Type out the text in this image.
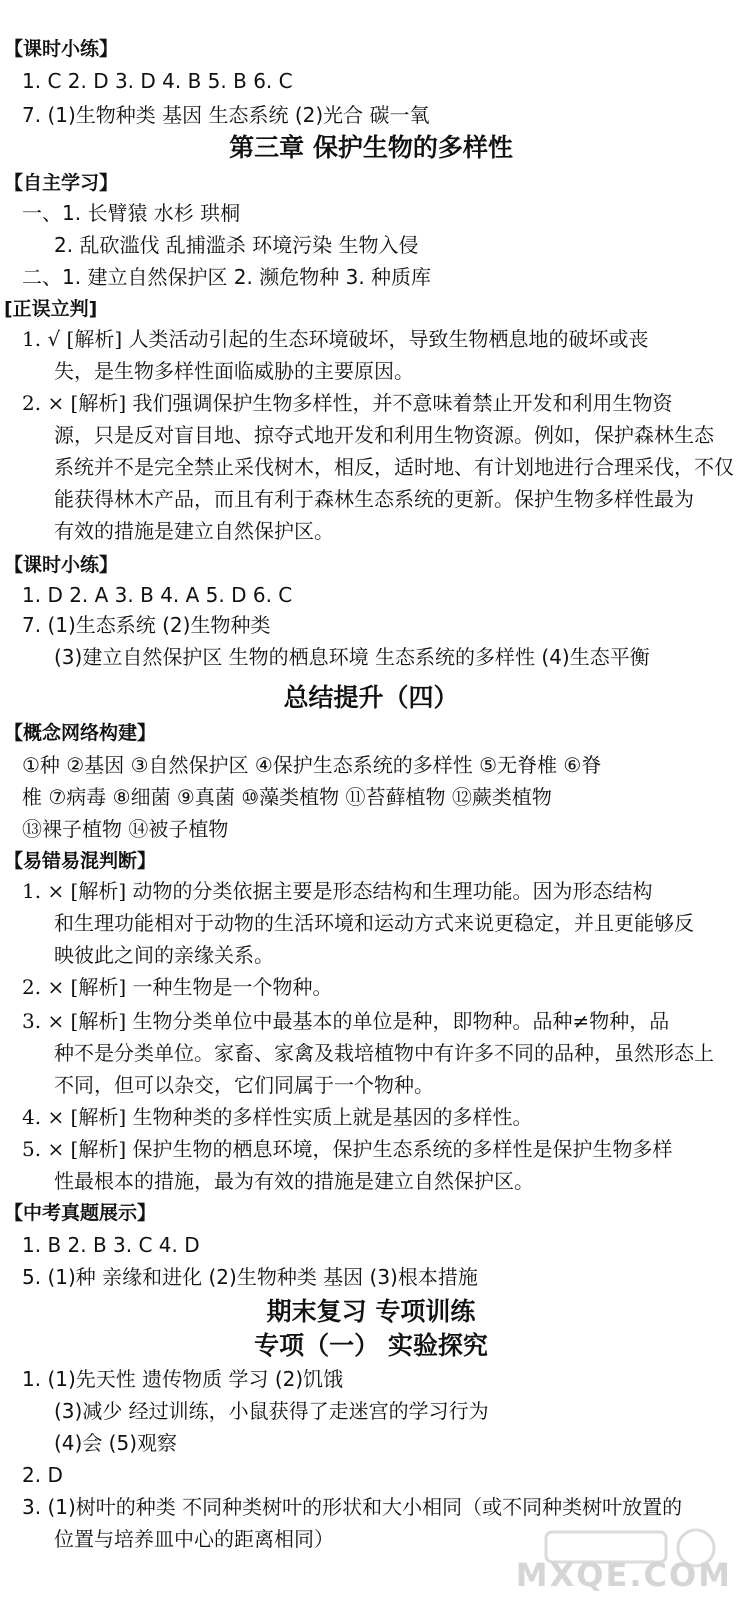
【课时小练】
1. C 2. D 3. D 4. B 5. B 6. C
7. (1)生物种类 基因 生态系统 (2)光合 碳一氧
第三章 保护生物的多样性
【自主学习】
一、1. 长臂猿 水杉 珙桐
2. 乱砍滥伐 乱捕滥杀 环境污染 生物入侵
二、1. 建立自然保护区 2. 濒危物种 3. 种质库
[正误立判]
1. √ [解析] 人类活动引起的生态环境破坏，导致生物栖息地的破坏或丧
失，是生物多样性面临威胁的主要原因。
2. × [解析] 我们强调保护生物多样性，并不意味着禁止开发和利用生物资
源，只是反对盲目地、掠夺式地开发和利用生物资源。例如，保护森林生态
系统并不是完全禁止采伐树木，相反，适时地、有计划地进行合理采伐，不仅
能获得林木产品，而且有利于森林生态系统的更新。保护生物多样性最为
有效的措施是建立自然保护区。
【课时小练】
1. D 2. A 3. B 4. A 5. D 6. C
7. (1)生态系统 (2)生物种类
(3)建立自然保护区 生物的栖息环境 生态系统的多样性 (4)生态平衡
总结提升（四）
【概念网络构建】
①种 ②基因 ③自然保护区 ④保护生态系统的多样性 ⑤无脊椎 ⑥脊
椎 ⑦病毒 ⑧细菌 ⑨真菌 ⑩藻类植物 ⑪苔藓植物 ⑫蕨类植物
⑬裸子植物 ⑭被子植物
【易错易混判断】
1. × [解析] 动物的分类依据主要是形态结构和生理功能。因为形态结构
和生理功能相对于动物的生活环境和运动方式来说更稳定，并且更能够反
映彼此之间的亲缘关系。
2. × [解析] 一种生物是一个物种。
3. × [解析] 生物分类单位中最基本的单位是种，即物种。品种≠物种，品
种不是分类单位。家畜、家禽及栽培植物中有许多不同的品种，虽然形态上
不同，但可以杂交，它们同属于一个物种。
4. × [解析] 生物种类的多样性实质上就是基因的多样性。
5. × [解析] 保护生物的栖息环境，保护生态系统的多样性是保护生物多样
性最根本的措施，最为有效的措施是建立自然保护区。
【中考真题展示】
1. B 2. B 3. C 4. D
5. (1)种 亲缘和进化 (2)生物种类 基因 (3)根本措施
期末复习 专项训练
专项（一） 实验探究
1. (1)先天性 遗传物质 学习 (2)饥饿
(3)减少 经过训练，小鼠获得了走迷宫的学习行为
(4)会 (5)观察
2. D
3. (1)树叶的种类 不同种类树叶的形状和大小相同（或不同种类树叶放置的
位置与培养皿中心的距离相同）
MXQE.COM
